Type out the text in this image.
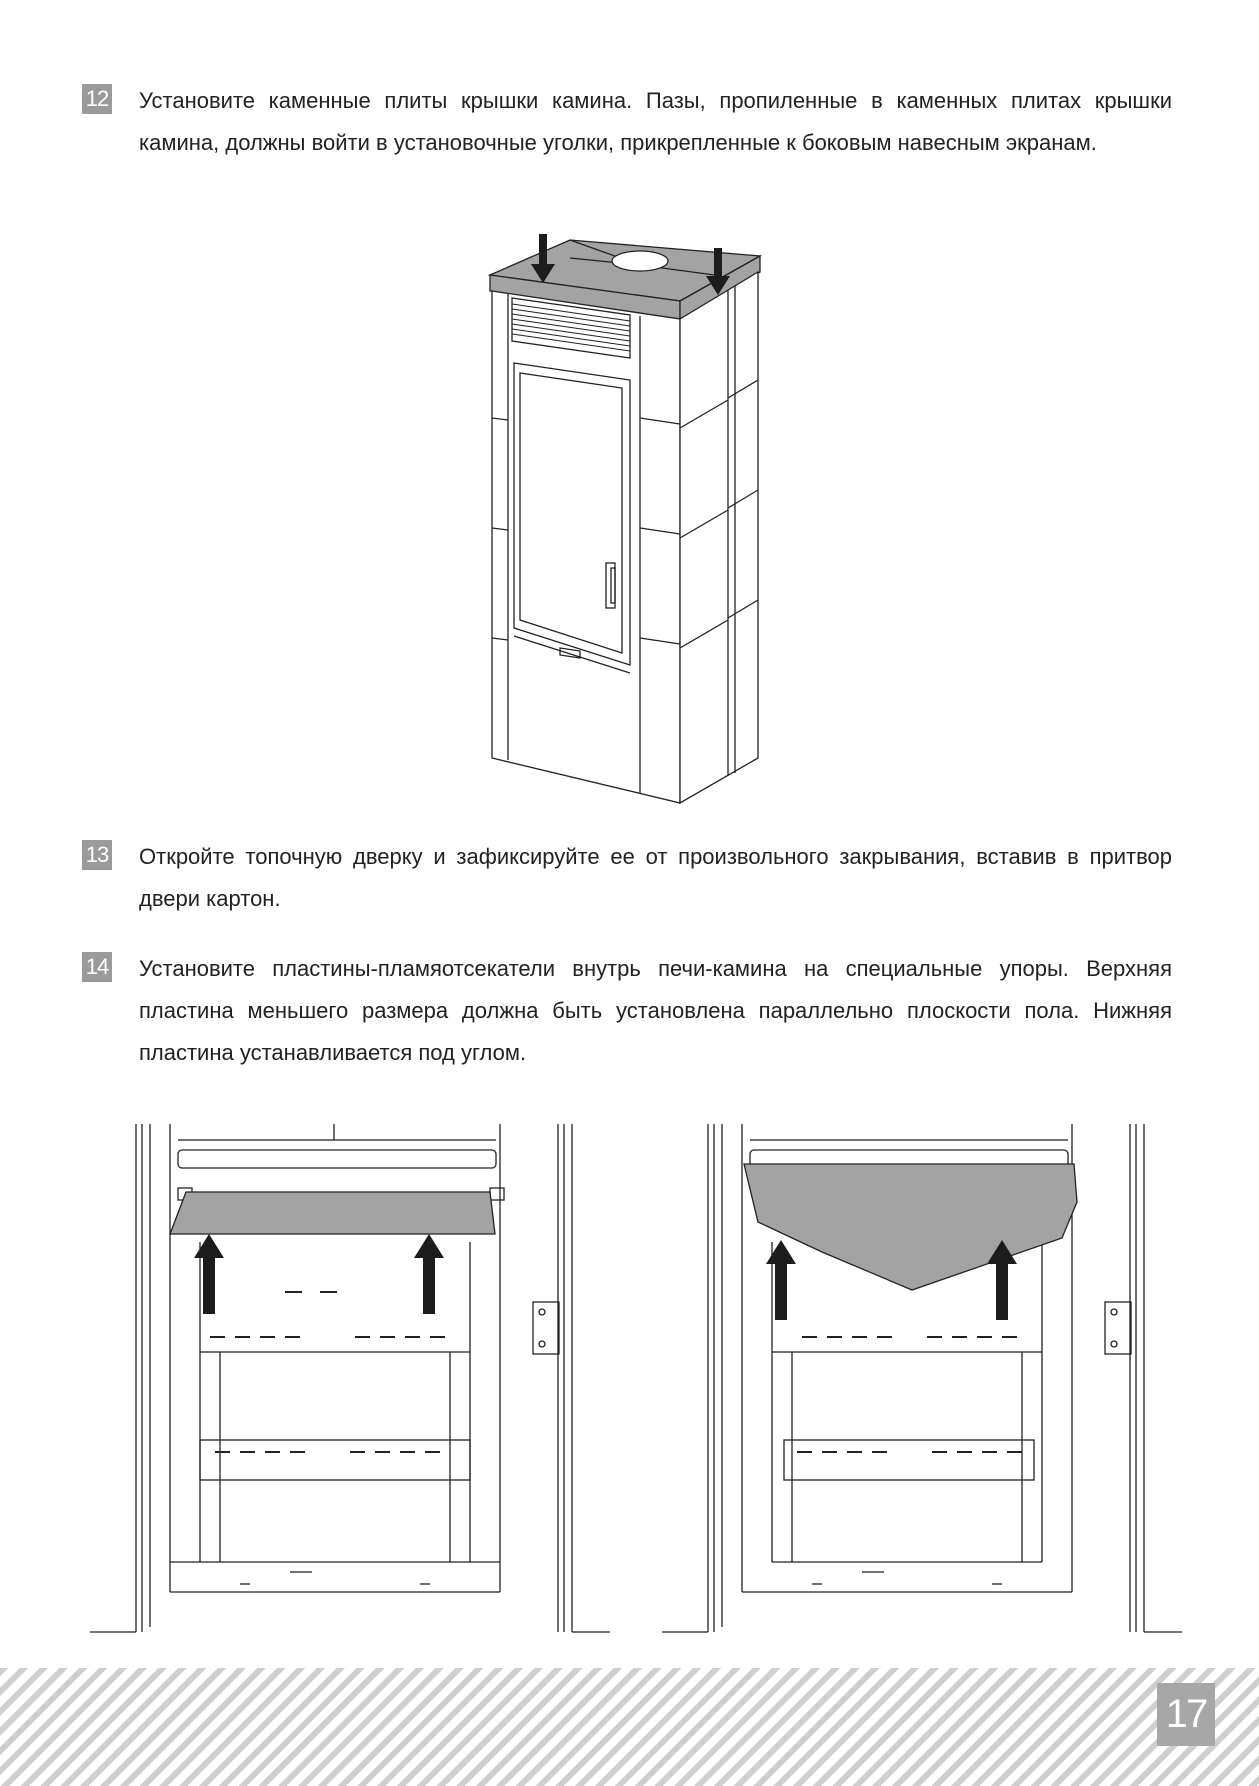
12 Установите каменные плиты крышки камина. Пазы, пропиленные в каменных плитах крышки камина, должны войти в установочные уголки, прикрепленные к боковым навесным экранам.
13 Откройте топочную дверку и зафиксируйте ее от произвольного закрывания, вставив в притвор двери картон.
14 Установите пластины-пламяотсекатели внутрь печи-камина на специальные упоры. Верхняя пластина меньшего размера должна быть установлена параллельно плоскости пола. Нижняя пластина устанавливается под углом.
17
